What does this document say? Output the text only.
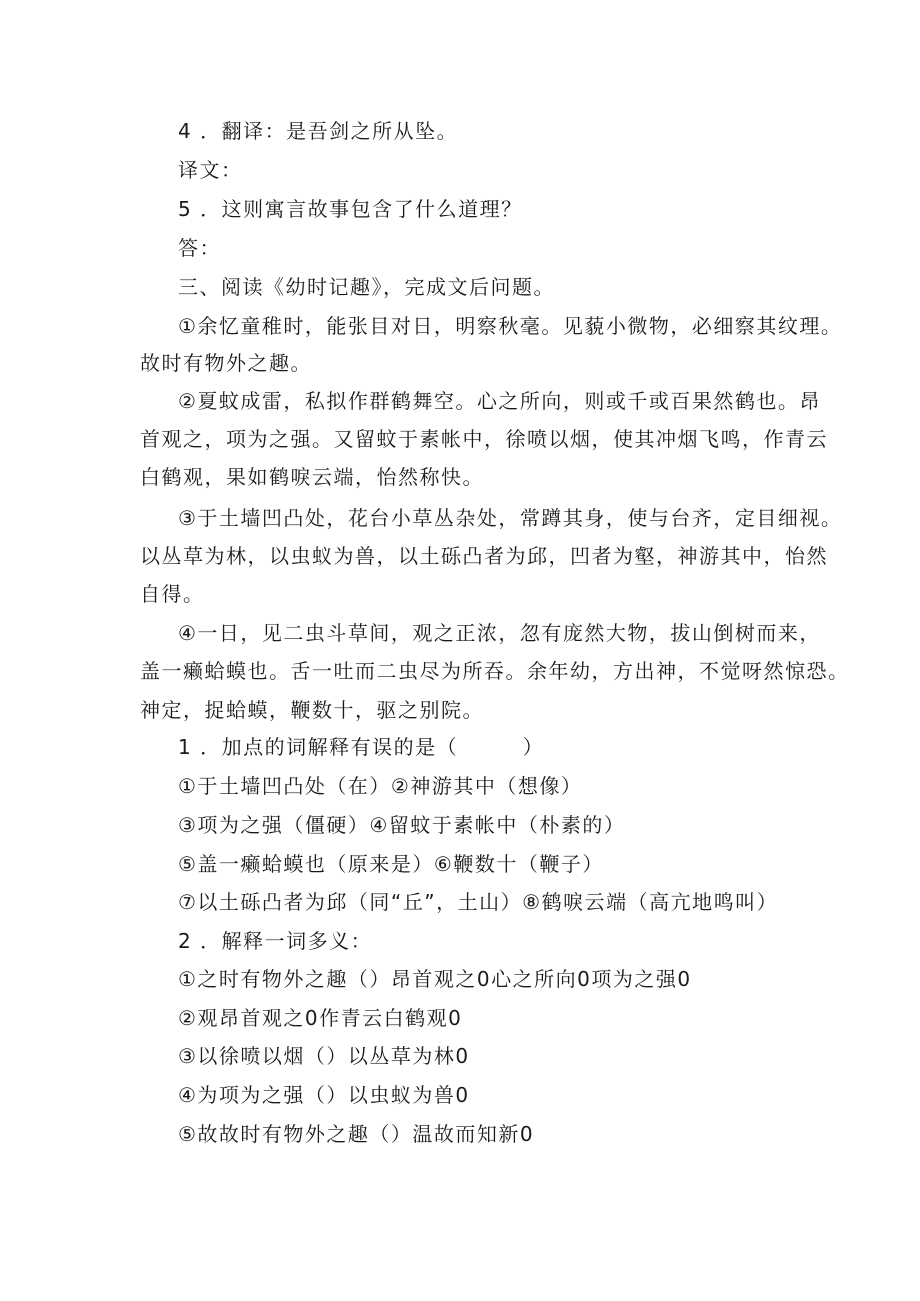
4 ．翻译：是吾剑之所从坠。
译文：
5 ．这则寓言故事包含了什么道理？
答：
三、阅读《幼时记趣》，完成文后问题。
①余忆童稚时，能张目对日，明察秋毫。见藐小微物，必细察其纹理。
故时有物外之趣。
②夏蚊成雷，私拟作群鹤舞空。心之所向，则或千或百果然鹤也。昂
首观之，项为之强。又留蚊于素帐中，徐喷以烟，使其冲烟飞鸣，作青云
白鹤观，果如鹤唳云端，怡然称快。
③于土墙凹凸处，花台小草丛杂处，常蹲其身，使与台齐，定目细视。
以丛草为林，以虫蚁为兽，以土砾凸者为邱，凹者为壑，神游其中，怡然
自得。
④一日，见二虫斗草间，观之正浓，忽有庞然大物，拔山倒树而来，
盖一癞蛤蟆也。舌一吐而二虫尽为所吞。余年幼，方出神，不觉呀然惊恐。
神定，捉蛤蟆，鞭数十，驱之别院。
1 ．加点的词解释有误的是（　　　）
①于土墙凹凸处（在）②神游其中（想像）
③项为之强（僵硬）④留蚊于素帐中（朴素的）
⑤盖一癞蛤蟆也（原来是）⑥鞭数十（鞭子）
⑦以土砾凸者为邱（同“丘”，土山）⑧鹤唳云端（高亢地鸣叫）
2 ．解释一词多义：
①之时有物外之趣（）昂首观之0心之所向0项为之强0
②观昂首观之0作青云白鹤观0
③以徐喷以烟（）以丛草为林0
④为项为之强（）以虫蚁为兽0
⑤故故时有物外之趣（）温故而知新0
